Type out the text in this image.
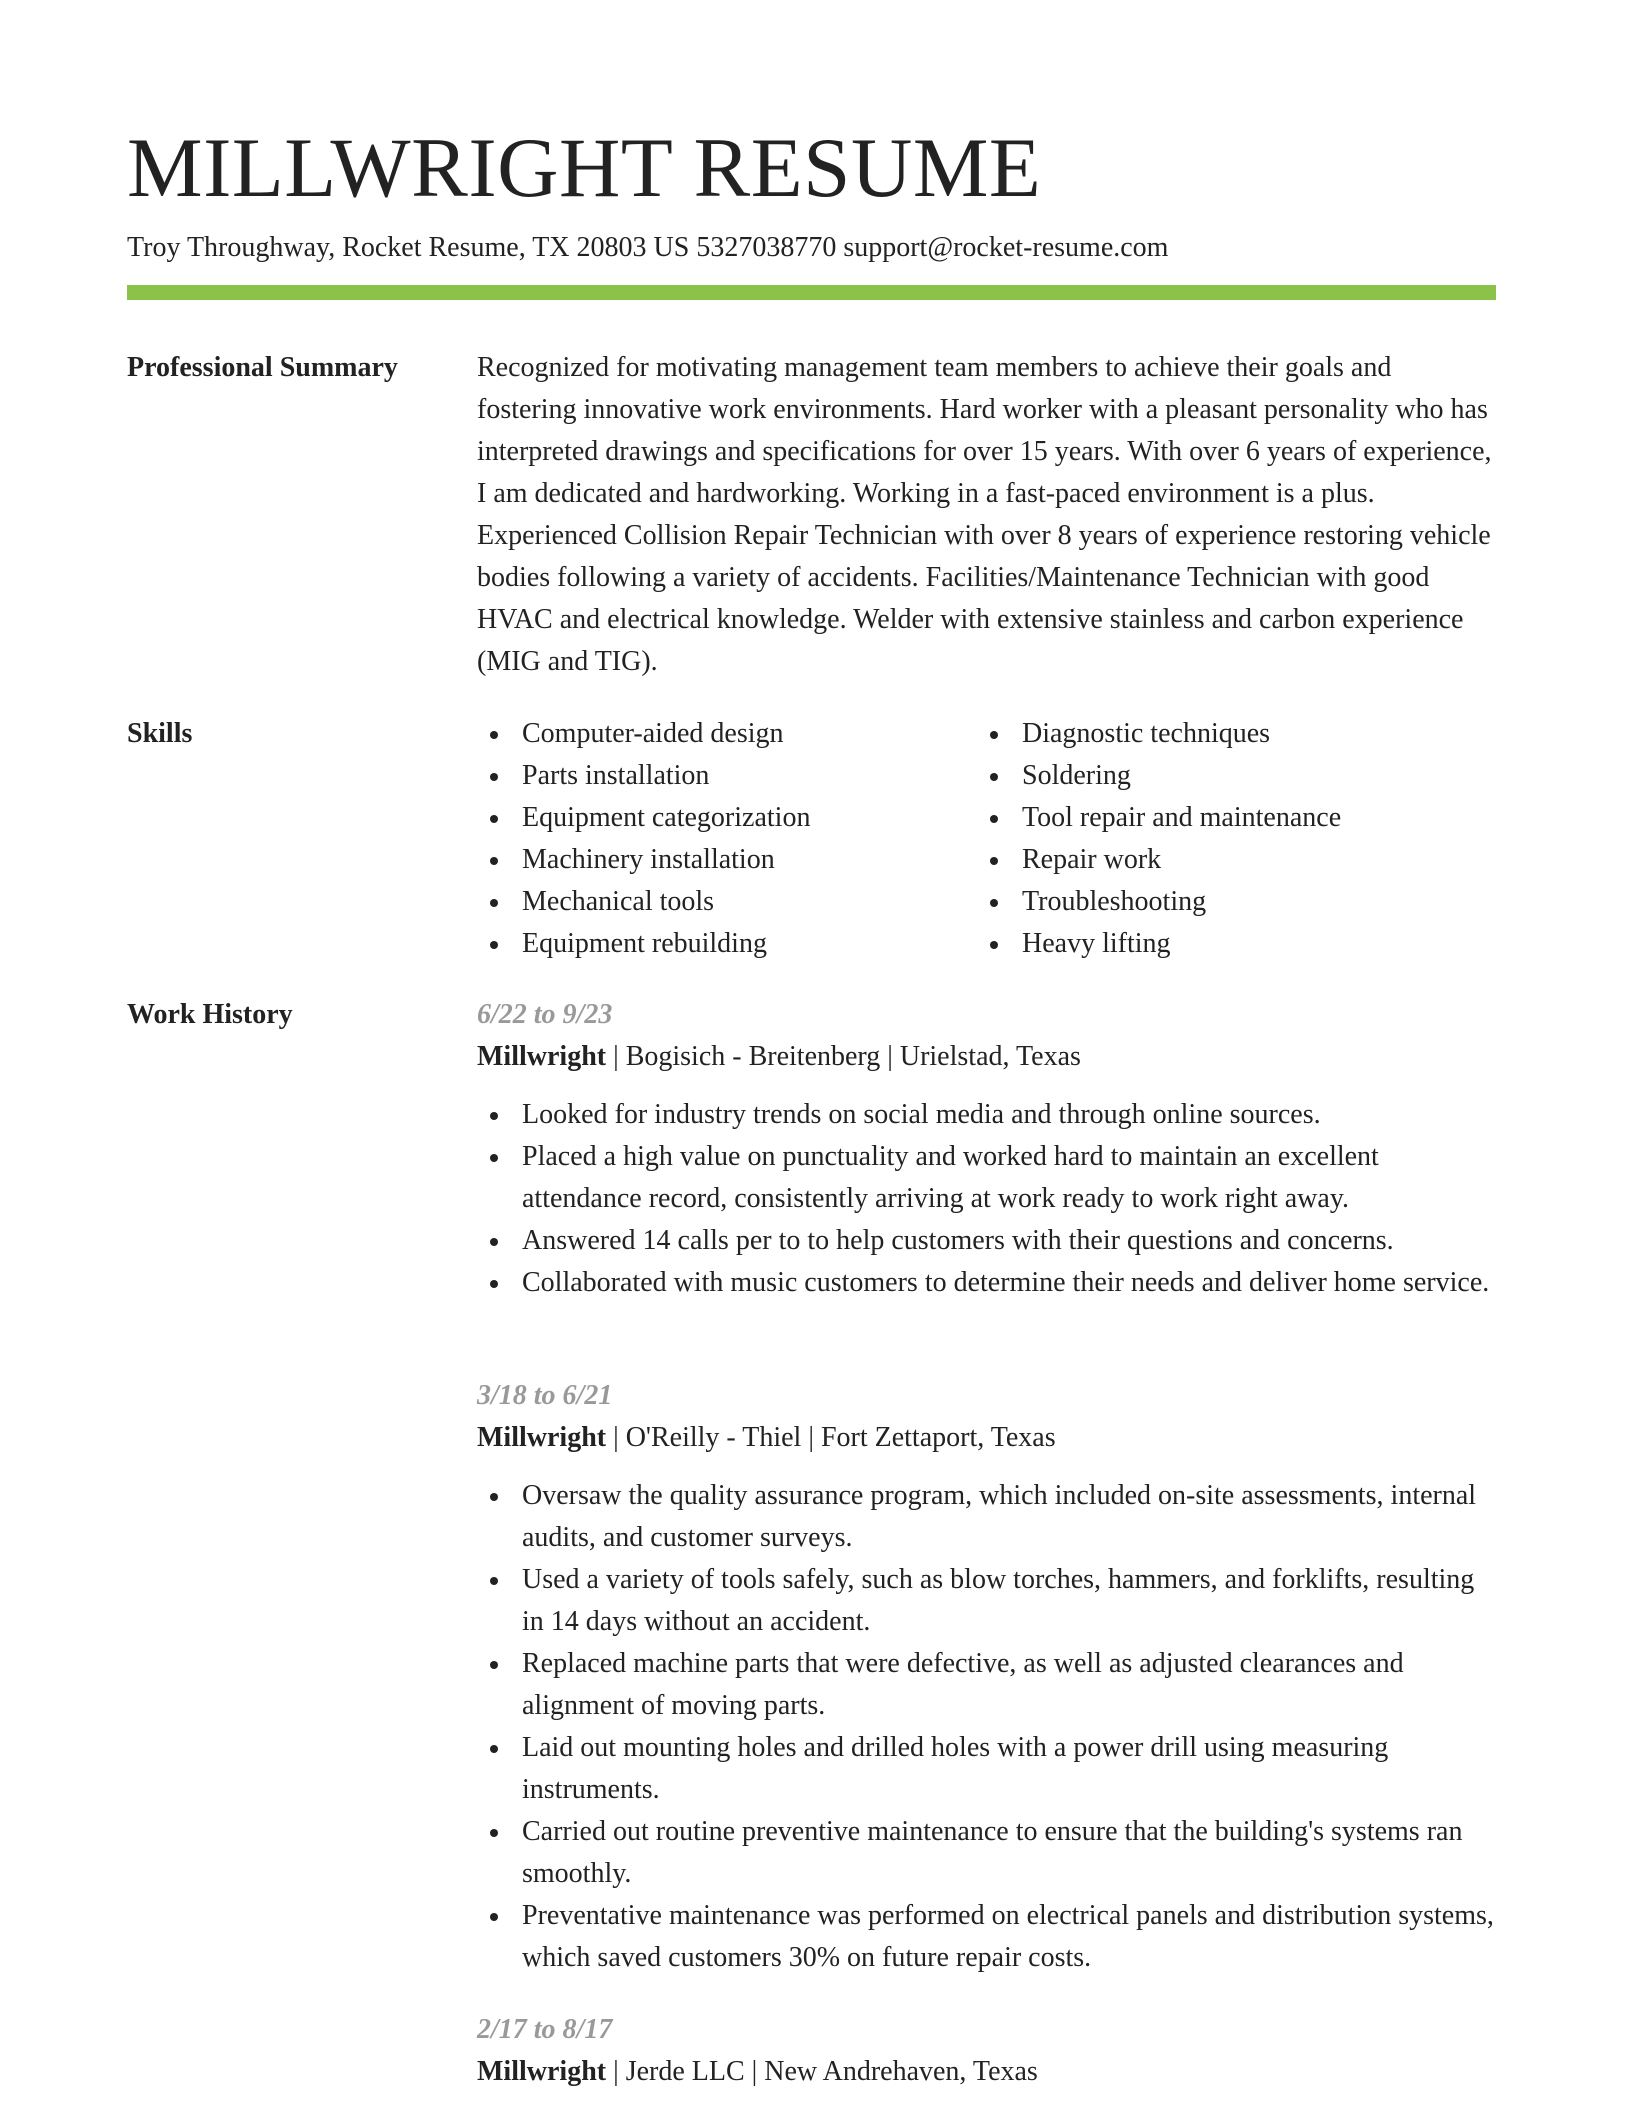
MILLWRIGHT RESUME
Troy Throughway, Rocket Resume, TX 20803 US 5327038770 support@rocket-resume.com
Professional Summary	Recognized for motivating management team members to achieve their goals and fostering innovative work environments. Hard worker with a pleasant personality who has interpreted drawings and specifications for over 15 years. With over 6 years of experience, I am dedicated and hardworking. Working in a fast-paced environment is a plus. Experienced Collision Repair Technician with over 8 years of experience restoring vehicle bodies following a variety of accidents. Facilities/Maintenance Technician with good HVAC and electrical knowledge. Welder with extensive stainless and carbon experience (MIG and TIG).

Skills	Computer-aided design
Parts installation
Equipment categorization
Machinery installation
Mechanical tools
Equipment rebuilding
Diagnostic techniques
Soldering
Tool repair and maintenance
Repair work
Troubleshooting
Heavy lifting
Work History	6/22 to 9/23
Millwright | Bogisich - Breitenberg | Urielstad, Texas
Looked for industry trends on social media and through online sources.
Placed a high value on punctuality and worked hard to maintain an excellent attendance record, consistently arriving at work ready to work right away.
Answered 14 calls per to to help customers with their questions and concerns.
Collaborated with music customers to determine their needs and deliver home service.
3/18 to 6/21
Millwright | O'Reilly - Thiel | Fort Zettaport, Texas
Oversaw the quality assurance program, which included on-site assessments, internal audits, and customer surveys.
Used a variety of tools safely, such as blow torches, hammers, and forklifts, resulting in 14 days without an accident.
Replaced machine parts that were defective, as well as adjusted clearances and alignment of moving parts.
Laid out mounting holes and drilled holes with a power drill using measuring instruments.
Carried out routine preventive maintenance to ensure that the building's systems ran smoothly.
Preventative maintenance was performed on electrical panels and distribution systems, which saved customers 30% on future repair costs.
2/17 to 8/17
Millwright | Jerde LLC | New Andrehaven, Texas
